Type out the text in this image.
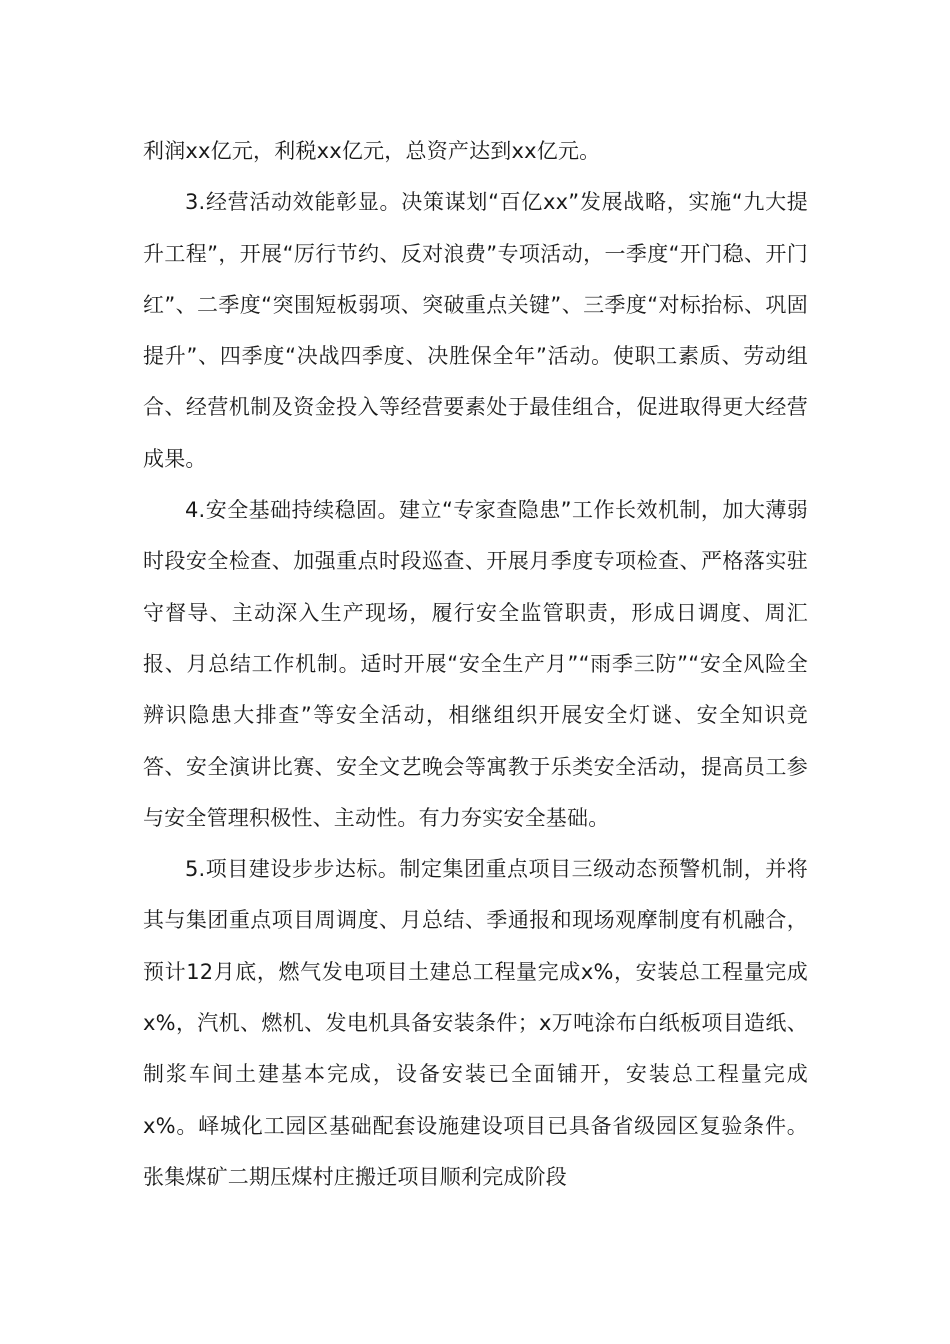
利润xx亿元，利税xx亿元，总资产达到xx亿元。

3.经营活动效能彰显。决策谋划“百亿xx”发展战略，实施“九大提升工程”，开展“厉行节约、反对浪费”专项活动，一季度“开门稳、开门红”、二季度“突围短板弱项、突破重点关键”、三季度“对标抬标、巩固提升”、四季度“决战四季度、决胜保全年”活动。使职工素质、劳动组合、经营机制及资金投入等经营要素处于最佳组合，促进取得更大经营成果。

4.安全基础持续稳固。建立“专家查隐患”工作长效机制，加大薄弱时段安全检查、加强重点时段巡查、开展月季度专项检查、严格落实驻守督导、主动深入生产现场，履行安全监管职责，形成日调度、周汇报、月总结工作机制。适时开展“安全生产月”“雨季三防”“安全风险全辨识隐患大排查”等安全活动，相继组织开展安全灯谜、安全知识竞答、安全演讲比赛、安全文艺晚会等寓教于乐类安全活动，提高员工参与安全管理积极性、主动性。有力夯实安全基础。

5.项目建设步步达标。制定集团重点项目三级动态预警机制，并将其与集团重点项目周调度、月总结、季通报和现场观摩制度有机融合，预计12月底，燃气发电项目土建总工程量完成x%，安装总工程量完成x%，汽机、燃机、发电机具备安装条件；x万吨涂布白纸板项目造纸、制浆车间土建基本完成，设备安装已全面铺开，安装总工程量完成x%。峄城化工园区基础配套设施建设项目已具备省级园区复验条件。张集煤矿二期压煤村庄搬迁项目顺利完成阶段
